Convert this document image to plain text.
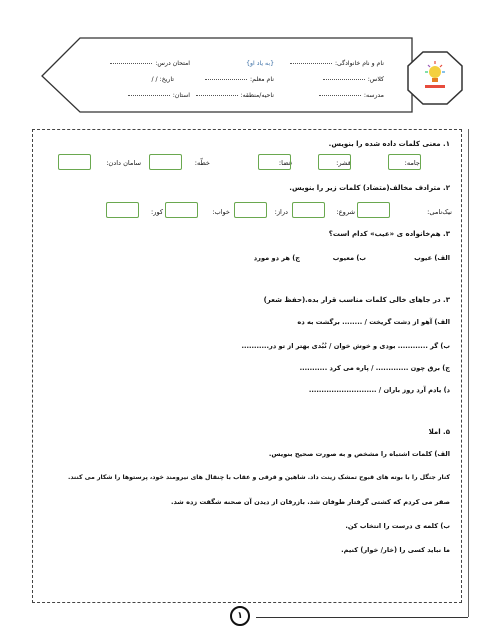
نام و نام خانوادگی:
{به یاد او}
امتحان درس:
کلاس:
نام معلم:
تاریخ: / /
مدرسه:
ناحیه/منطقه:
استان:
۱. معنی کلمات داده شده را بنویس.
جامه:
قشر:
قضا:
خطّه:
سامان دادن:
۲. مترادف مخالف(متضاد) کلمات زیر را بنویس.
نیک‌نامی:
شروع:
دراز:
خواب:
کور:
۳. هم‌خانواده ی «عیب» کدام است؟
الف) عیوب
ب) معیوب
ج) هر دو مورد
۳. در جاهای خالی کلمات مناسب قرار بده.(حفظ شعر)
الف) آهو از دشت گریخت / ........ برگشت به ده
ب) گر ............ بودی و خوش خوان / نُبُدی بهتر از تو در...........
ج) برق چون ............. / پاره می کرد ...........
د) یادم آرد روز باران / ...........................
۵. املا
الف) کلمات اشتباه را مشخص و به صورت صحیح بنویس.
کنار جنگل را با بوته های قبوح تمشک زینت داد. شاهین و قرقی و عقاب با چنقال های نیرومند خود، پرستوها را شکار می کنند.
صفر می کردم که کشتی گرفتار طوفان شد. بازرقان از دیدن آن صحنه شگفت زده شد.
ب) کلمه ی درست را انتخاب کن.
ما نباید کسی را (خار/ خوار) کنیم.
۱
